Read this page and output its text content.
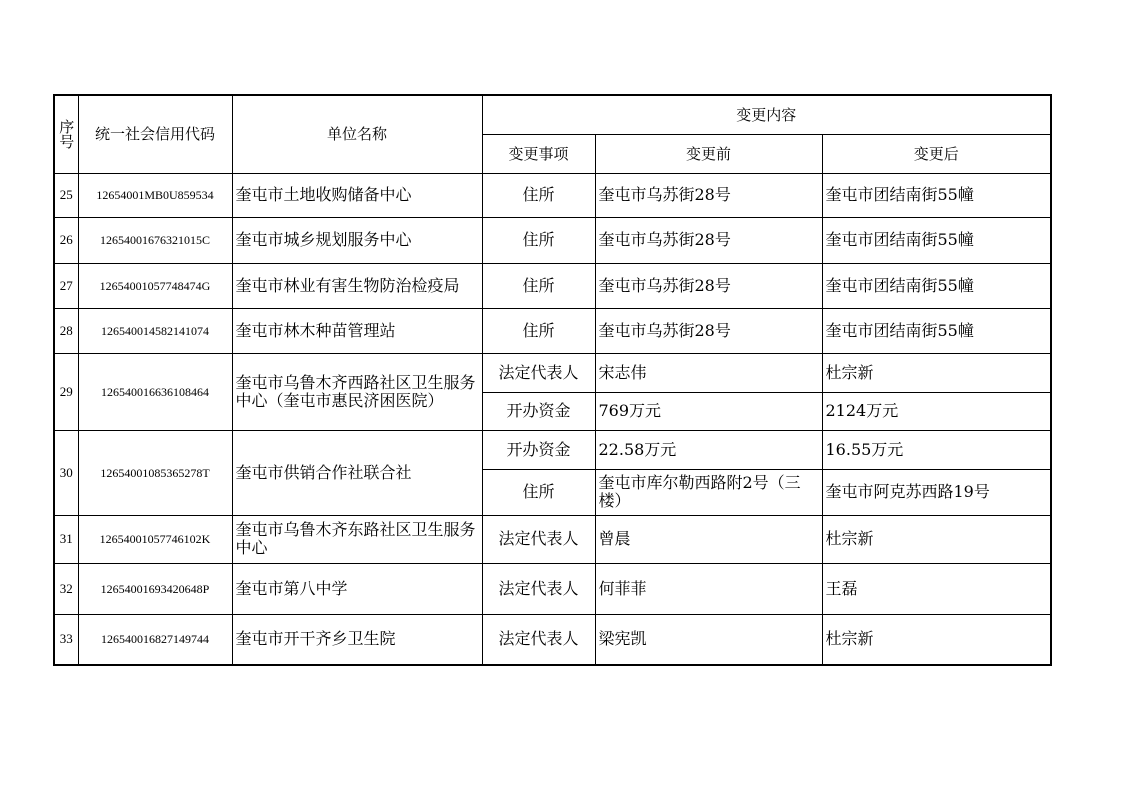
序号	统一社会信用代码	单位名称	变更内容		
			变更事项	变更前	变更后
25	12654001MB0U859534	奎屯市土地收购储备中心	住所	奎屯市乌苏街28号	奎屯市团结南街55幢
26	12654001676321015C	奎屯市城乡规划服务中心	住所	奎屯市乌苏街28号	奎屯市团结南街55幢
27	12654001057748474G	奎屯市林业有害生物防治检疫局	住所	奎屯市乌苏街28号	奎屯市团结南街55幢
28	126540014582141074	奎屯市林木种苗管理站	住所	奎屯市乌苏街28号	奎屯市团结南街55幢
29	126540016636108464	奎屯市乌鲁木齐西路社区卫生服务中心（奎屯市惠民济困医院）	法定代表人	宋志伟	杜宗新
			开办资金	769万元	2124万元
30	12654001085365278T	奎屯市供销合作社联合社	开办资金	22.58万元	16.55万元
			住所	奎屯市库尔勒西路附2号（三楼）	奎屯市阿克苏西路19号
31	12654001057746102K	奎屯市乌鲁木齐东路社区卫生服务中心	法定代表人	曾晨	杜宗新
32	12654001693420648P	奎屯市第八中学	法定代表人	何菲菲	王磊
33	126540016827149744	奎屯市开干齐乡卫生院	法定代表人	梁宪凯	杜宗新
